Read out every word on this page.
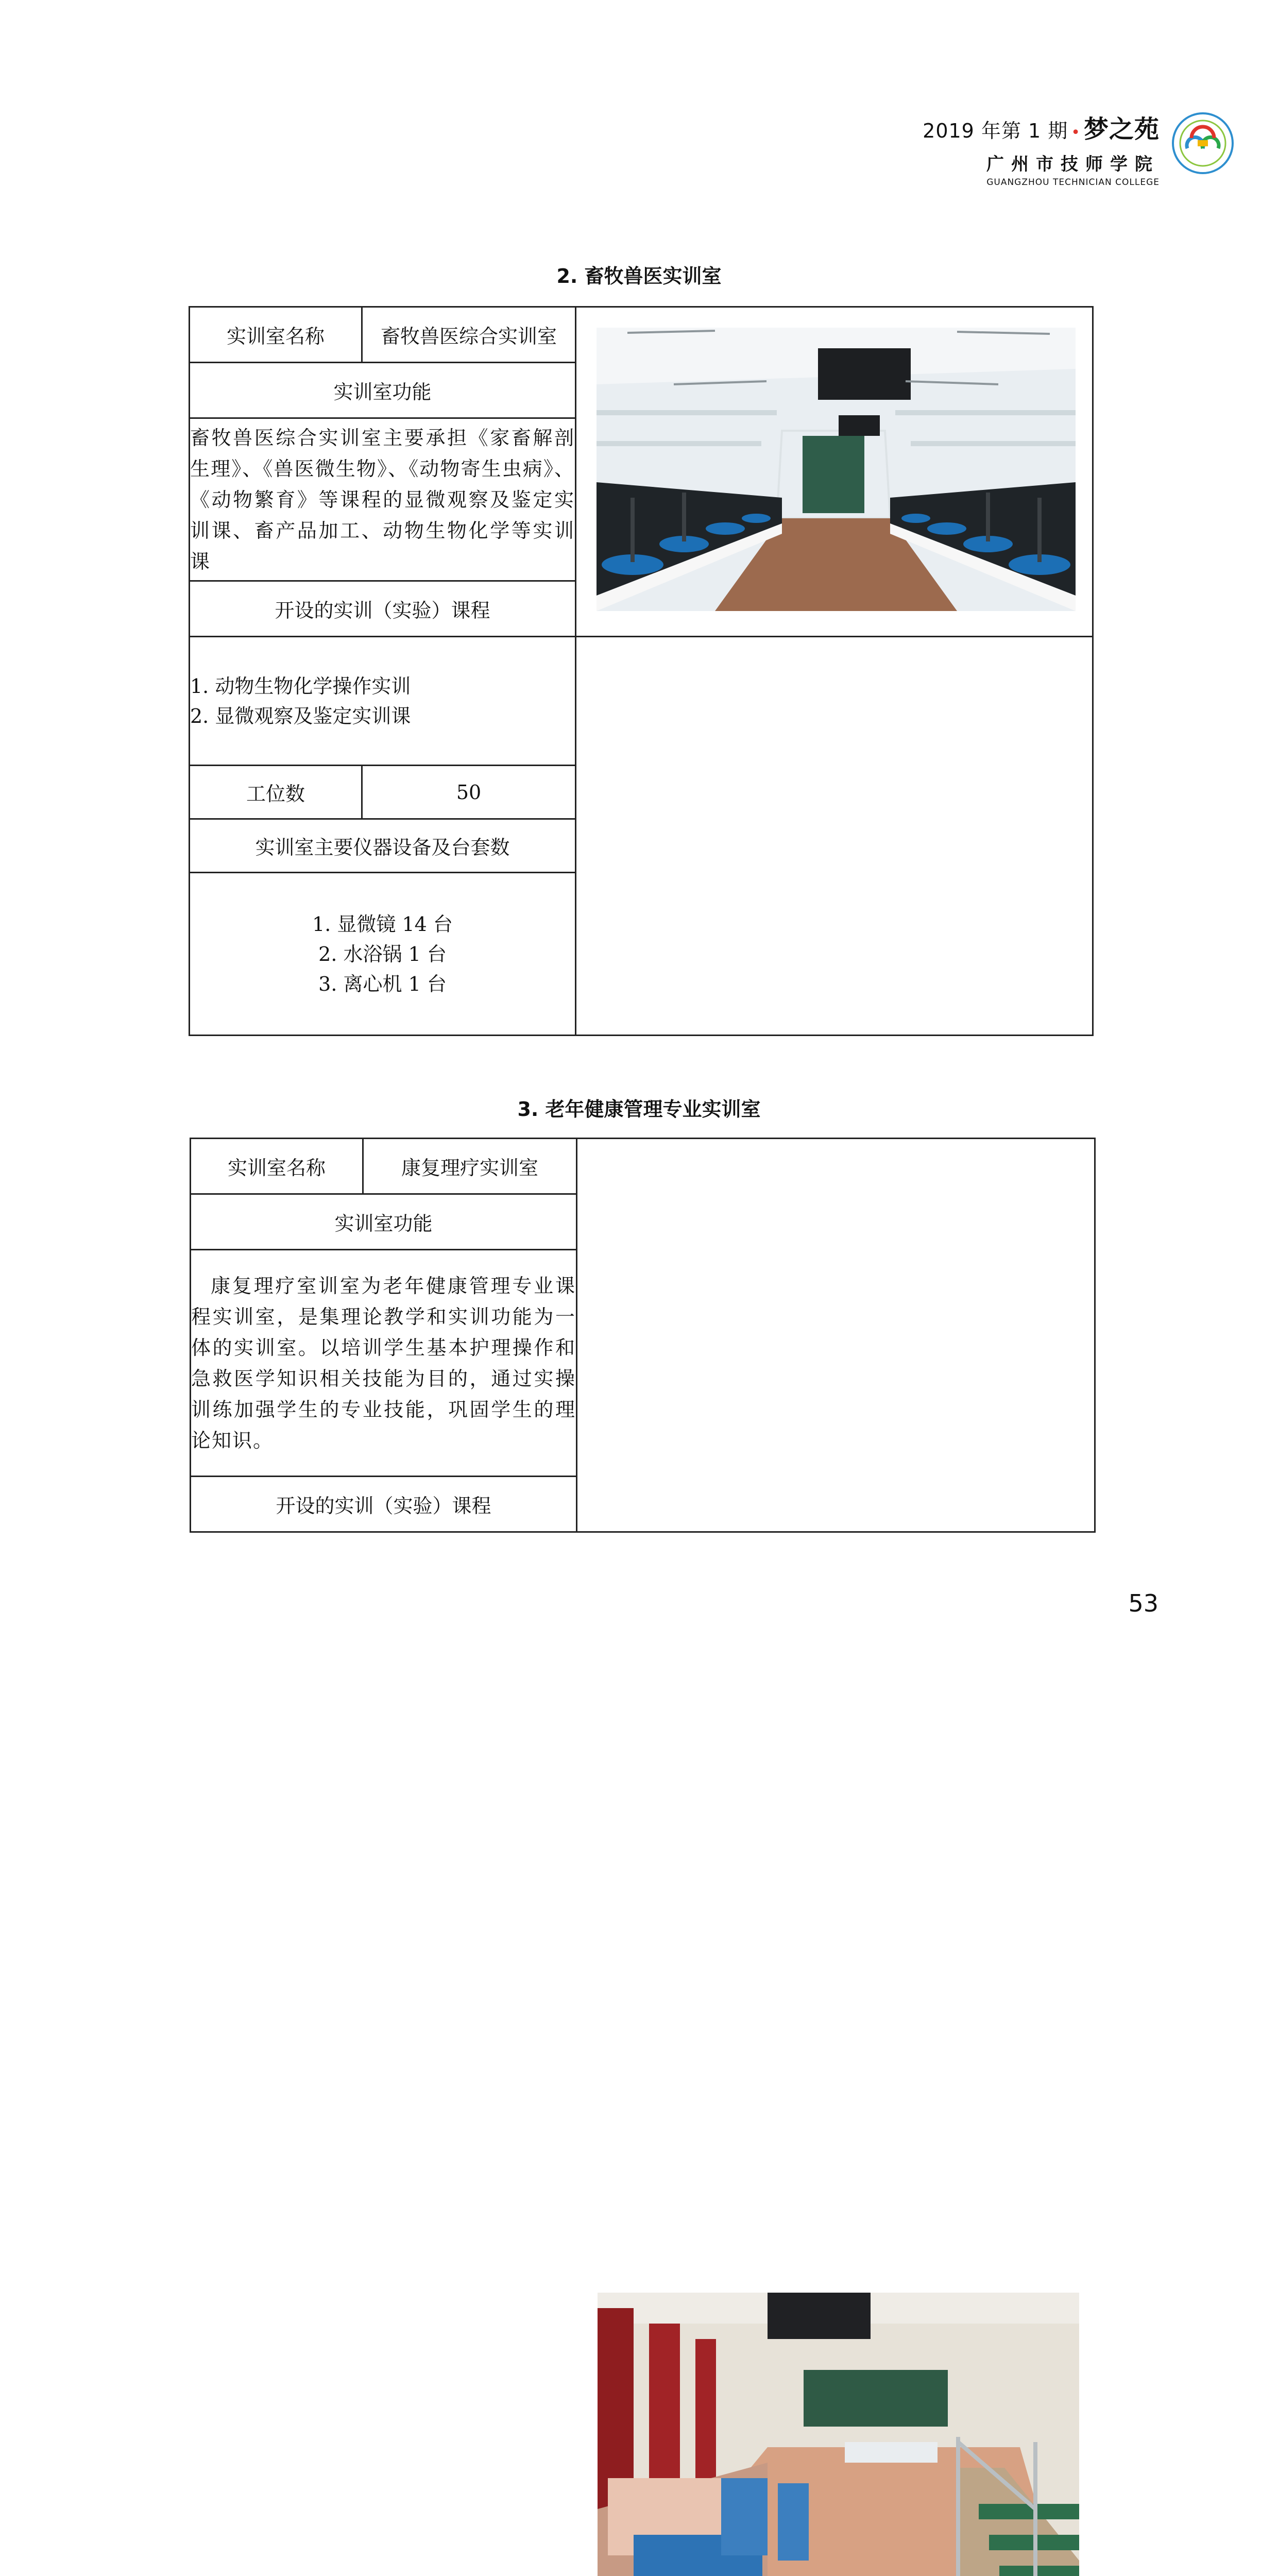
2019 年第 1 期 • 梦之苑
广州市技师学院
GUANGZHOU TECHNICIAN COLLEGE
2. 畜牧兽医实训室
实训室名称	畜牧兽医综合实训室	

实训室功能		
畜牧兽医综合实训室主要承担《家畜解剖生理》、《兽医微生物》、《动物寄生虫病》、《动物繁育》等课程的显微观察及鉴定实训课、畜产品加工、动物生物化学等实训课		
开设的实训（实验）课程		

1. 动物生物化学操作实训
2. 显微观察及鉴定实训课		

工位数	50	
实训室主要仪器设备及台套数		

1. 显微镜 14 台
2. 水浴锅 1 台
3. 离心机 1 台		
3. 老年健康管理专业实训室
实训室名称	康复理疗实训室	

实训室功能
康复理疗室训室为老年健康管理专业课程实训室，是集理论教学和实训功能为一体的实训室。以培训学生基本护理操作和急救医学知识相关技能为目的，通过实操训练加强学生的专业技能，巩固学生的理论知识。
开设的实训（实验）课程
53
